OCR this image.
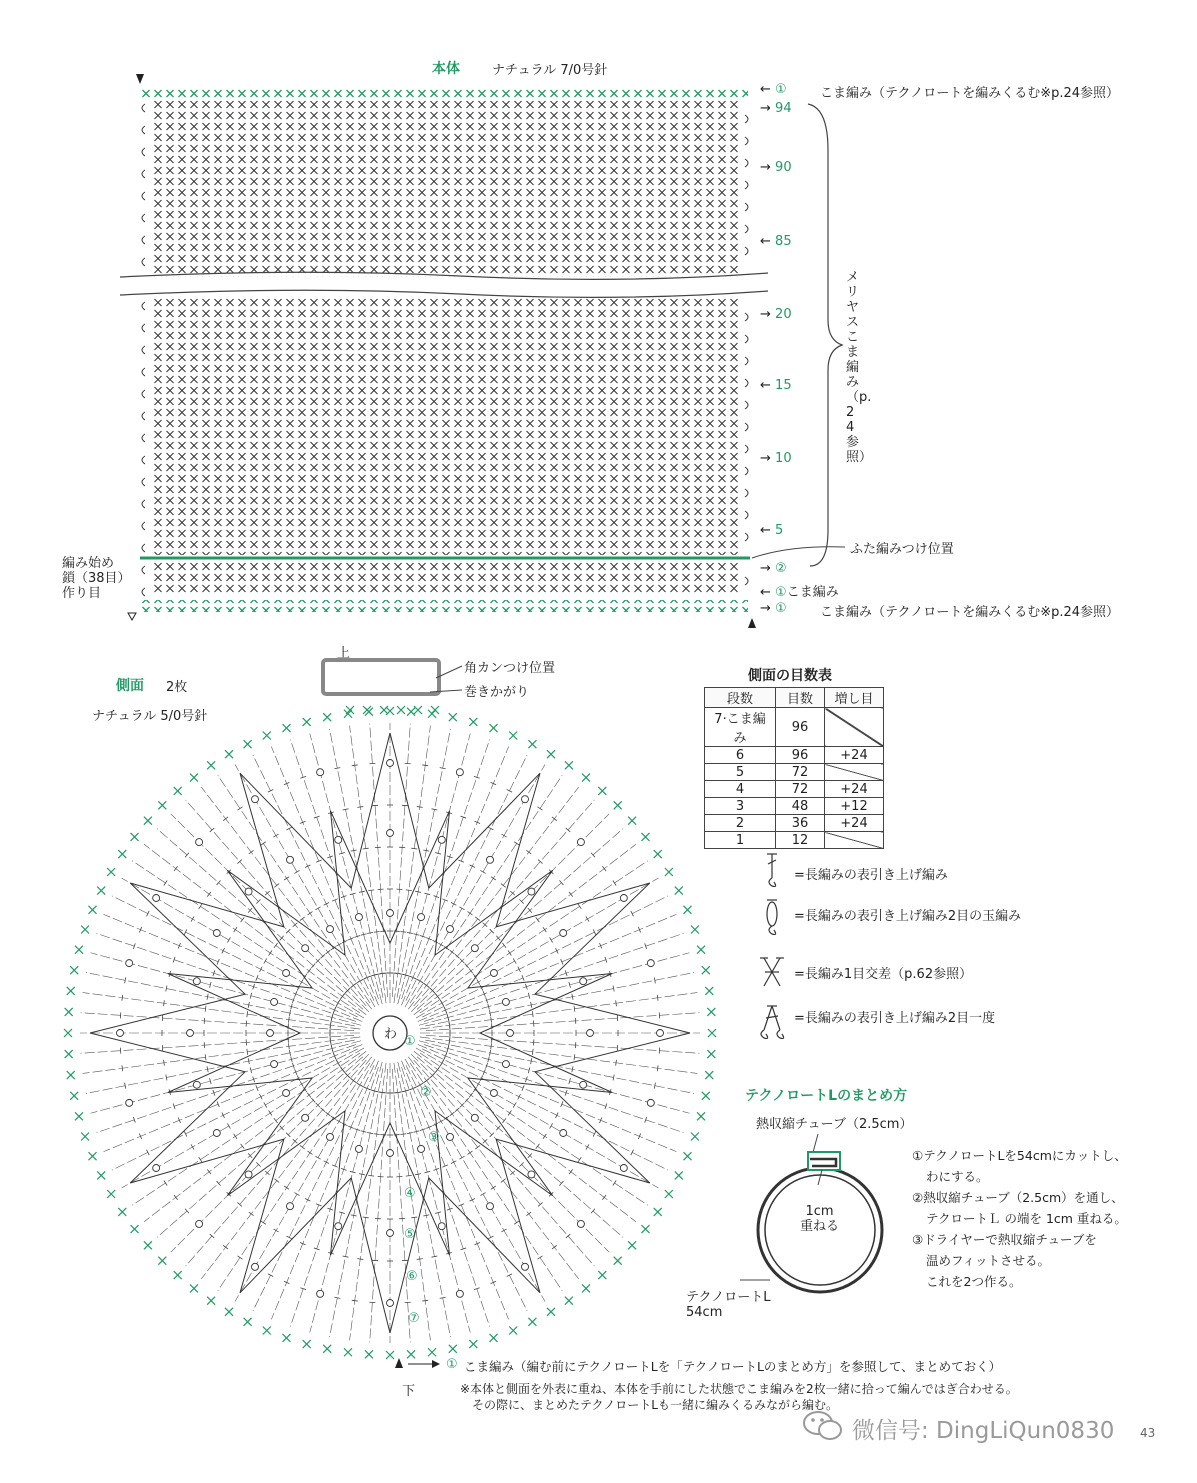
本体 ナチュラル 7/0号針
← ①	こま編み（テクノロートを編みくるむ※p.24参照）
→ 94
→ 90
← 85
→ 20
← 15
→ 10
← 5
→ ②
← ①こま編み
→ ①	こま編み（テクノロートを編みくるむ※p.24参照）
メリヤスこま編み（p.24参照）
ふた編みつけ位置
編み始め
鎖（38目）
作り目
側面 2枚
ナチュラル 5/0号針
上
下
わ ①
②
③
④
⑤
⑥
⑦
角カンつけ位置
巻きかがり
側面の目数表
段数	目数	増し目
7·こま編み	96	
6	96	+24
5	72	
4	72	+24
3	48	+12
2	36	+24
1	12	
=長編みの表引き上げ編み
=長編みの表引き上げ編み2目の玉編み
=長編み1目交差（p.62参照）
=長編みの表引き上げ編み2目一度
テクノロートLのまとめ方
熱収縮チューブ（2.5cm）
1cm
重ねる
テクノロートL
54cm
①テクノロートLを54cmにカットし、
わにする。
②熱収縮チューブ（2.5cm）を通し、
テクロートＬ の端を 1cm 重ねる。
③ドライヤーで熱収縮チューブを
温めフィットさせる。
これを2つ作る。
① こま編み（編む前にテクノロートLを「テクノロートLのまとめ方」を参照して、まとめておく）
※本体と側面を外表に重ね、本体を手前にした状態でこま編みを2枚一緒に拾って編んではぎ合わせる。
その際に、まとめたテクノロートLも一緒に編みくるみながら編む。
微信号: DingLiQun0830 43
